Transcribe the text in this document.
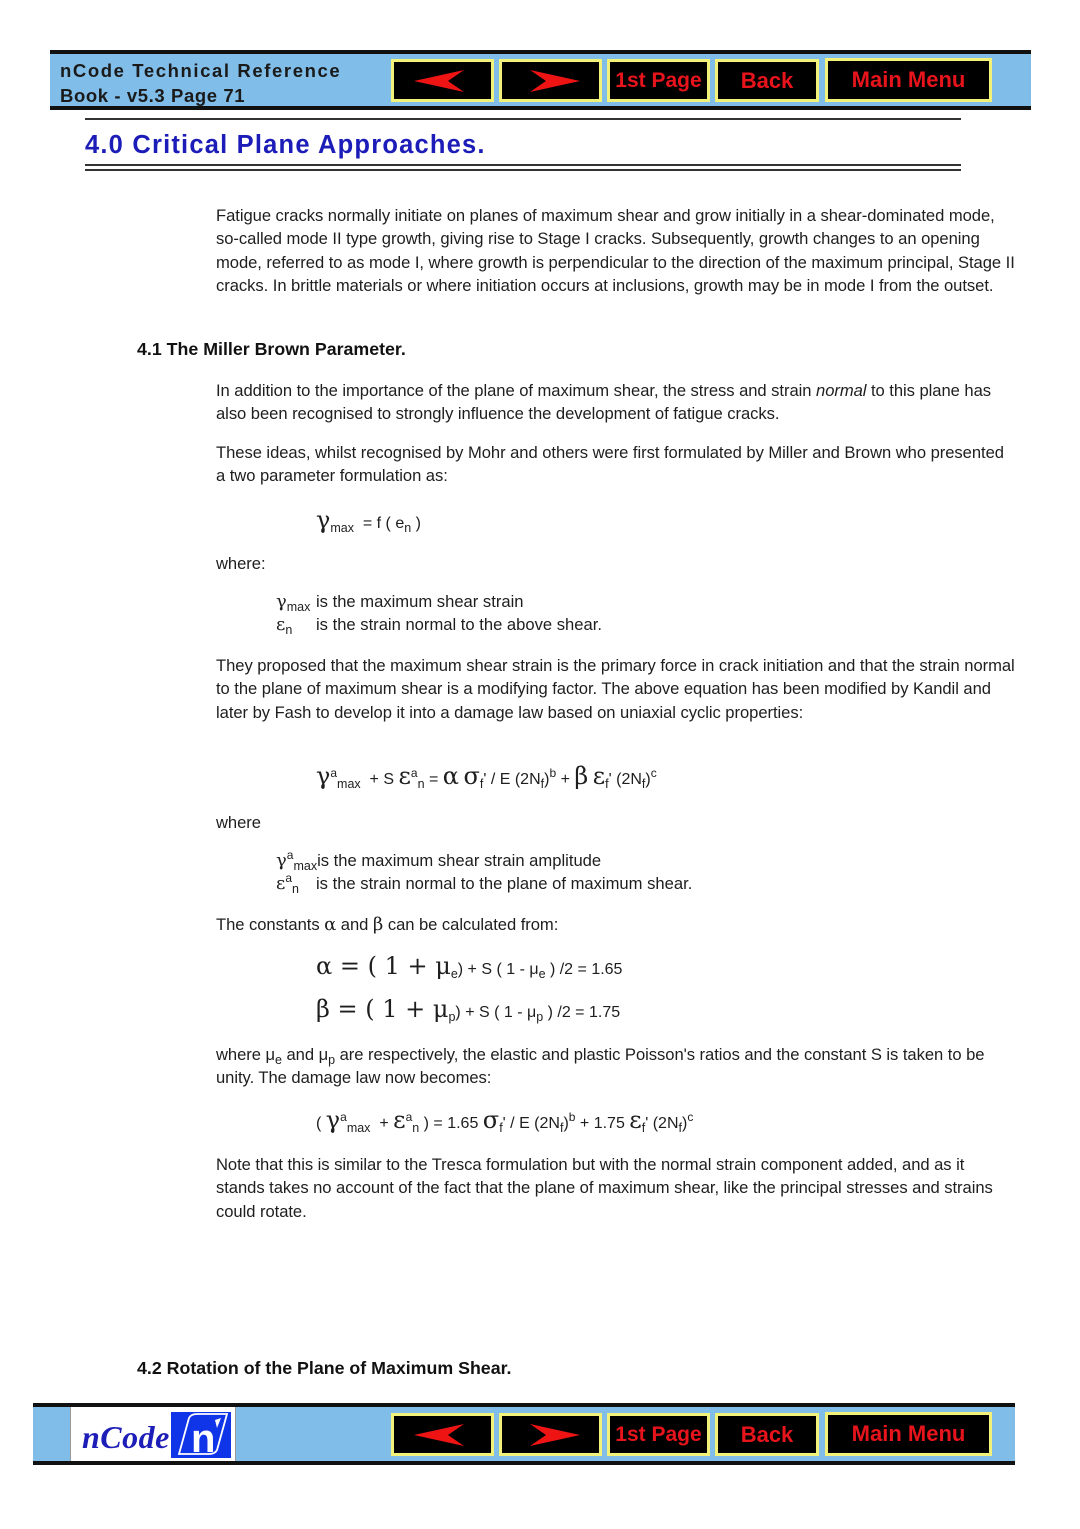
nCode Technical Reference
Book - v5.3 Page 71
1st Page	Back	Main Menu
4.0 Critical Plane Approaches.
Fatigue cracks normally initiate on planes of maximum shear and grow initially in a shear-dominated mode, so-called mode II type growth, giving rise to Stage I cracks. Subsequently, growth changes to an opening mode, referred to as mode I, where growth is perpendicular to the direction of the maximum principal, Stage II cracks. In brittle materials or where initiation occurs at inclusions, growth may be in mode I from the outset.
4.1 The Miller Brown Parameter.
In addition to the importance of the plane of maximum shear, the stress and strain normal to this plane has also been recognised to strongly influence the development of fatigue cracks.
These ideas, whilst recognised by Mohr and others were first formulated by Miller and Brown who presented a two parameter formulation as:
$\gamma_{max} = f$ ( $e_n$ )
where:
$\gamma_{max}$ is the maximum shear strain
$\varepsilon_n$ is the strain normal to the above shear.
They proposed that the maximum shear strain is the primary force in crack initiation and that the strain normal to the plane of maximum shear is a modifying factor. The above equation has been modified by Kandil and later by Fash to develop it into a damage law based on uniaxial cyclic properties:
$\gamma^a_{max} + S$ $\varepsilon^a_n = \alpha$ $\sigma_f'$ / E $(2N_f)^b + \beta$ $\varepsilon_f'$ $(2N_f)^c$
where
$\gamma^a_{max}is$ the maximum shear strain amplitude
$\varepsilon^a_n$ is the strain normal to the plane of maximum shear.
The constants α and β can be calculated from:
α = ( $1 + \mu_e) + S$ ( $1 - \mu_e$ ) /2 = 1.65
β = ( $1 + \mu_p) + S$ ( $1 - \mu_p$ ) /2 = 1.75
where $\mu_e$ and $\mu_p$ are respectively, the elastic and plastic Poisson's ratios and the constant S is taken to be unity. The damage law now becomes:
( $\gamma^a_{max} + \varepsilon^a_n$ ) = 1.65 $\sigma_f'$ / E $(2N_f)^b + 1.75$ $\varepsilon_f'$ $(2N_f)^c$
Note that this is similar to the Tresca formulation but with the normal strain component added, and as it stands takes no account of the fact that the plane of maximum shear, like the principal stresses and strains could rotate.
4.2 Rotation of the Plane of Maximum Shear.
nCode n	1st Page	Back	Main Menu
